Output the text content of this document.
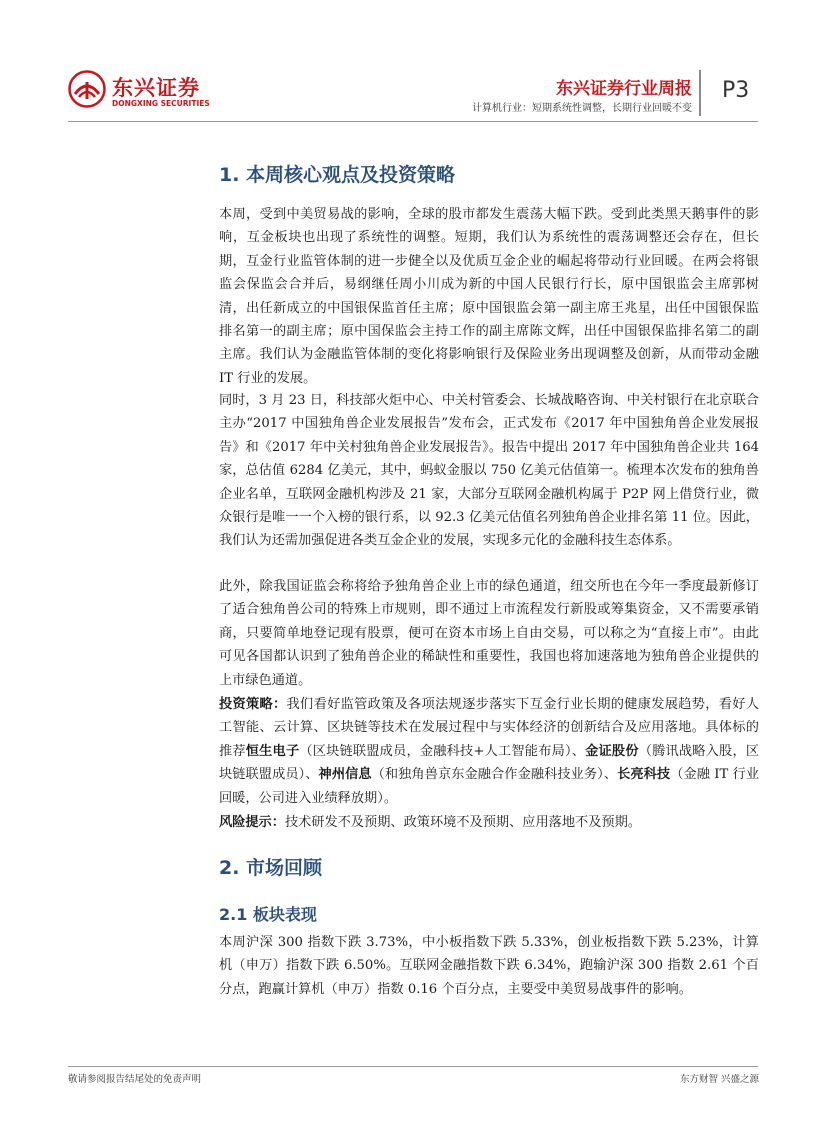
东兴证券
DONGXING SECURITIES
东兴证券行业周报
计算机行业：短期系统性调整，长期行业回暖不变
P3
1. 本周核心观点及投资策略

本周，受到中美贸易战的影响，全球的股市都发生震荡大幅下跌。受到此类黑天鹅事件的影响，互金板块也出现了系统性的调整。短期，我们认为系统性的震荡调整还会存在，但长期，互金行业监管体制的进一步健全以及优质互金企业的崛起将带动行业回暖。在两会将银监会保监会合并后，易纲继任周小川成为新的中国人民银行行长，原中国银监会主席郭树清，出任新成立的中国银保监首任主席；原中国银监会第一副主席王兆星，出任中国银保监排名第一的副主席；原中国保监会主持工作的副主席陈文辉，出任中国银保监排名第二的副主席。我们认为金融监管体制的变化将影响银行及保险业务出现调整及创新，从而带动金融 IT 行业的发展。

同时，3 月 23 日，科技部火炬中心、中关村管委会、长城战略咨询、中关村银行在北京联合主办“2017 中国独角兽企业发展报告”发布会，正式发布《2017 年中国独角兽企业发展报告》和《2017 年中关村独角兽企业发展报告》。报告中提出 2017 年中国独角兽企业共 164 家，总估值 6284 亿美元，其中，蚂蚁金服以 750 亿美元估值第一。梳理本次发布的独角兽企业名单，互联网金融机构涉及 21 家，大部分互联网金融机构属于 P2P 网上借贷行业，微众银行是唯一一个入榜的银行系，以 92.3 亿美元估值名列独角兽企业排名第 11 位。因此，我们认为还需加强促进各类互金企业的发展，实现多元化的金融科技生态体系。

此外，除我国证监会称将给予独角兽企业上市的绿色通道，纽交所也在今年一季度最新修订了适合独角兽公司的特殊上市规则，即不通过上市流程发行新股或筹集资金，又不需要承销商，只要简单地登记现有股票，便可在资本市场上自由交易，可以称之为“直接上市”。由此可见各国都认识到了独角兽企业的稀缺性和重要性，我国也将加速落地为独角兽企业提供的上市绿色通道。

投资策略：我们看好监管政策及各项法规逐步落实下互金行业长期的健康发展趋势，看好人工智能、云计算、区块链等技术在发展过程中与实体经济的创新结合及应用落地。具体标的推荐恒生电子（区块链联盟成员，金融科技+人工智能布局）、金证股份（腾讯战略入股，区块链联盟成员）、神州信息（和独角兽京东金融合作金融科技业务）、长亮科技（金融 IT 行业回暖，公司进入业绩释放期）。

风险提示：技术研发不及预期、政策环境不及预期、应用落地不及预期。

2. 市场回顾
2.1 板块表现

本周沪深 300 指数下跌 3.73%，中小板指数下跌 5.33%，创业板指数下跌 5.23%，计算机（申万）指数下跌 6.50%。互联网金融指数下跌 6.34%，跑输沪深 300 指数 2.61 个百分点，跑赢计算机（申万）指数 0.16 个百分点，主要受中美贸易战事件的影响。

敬请参阅报告结尾处的免责声明	东方财智 兴盛之源
